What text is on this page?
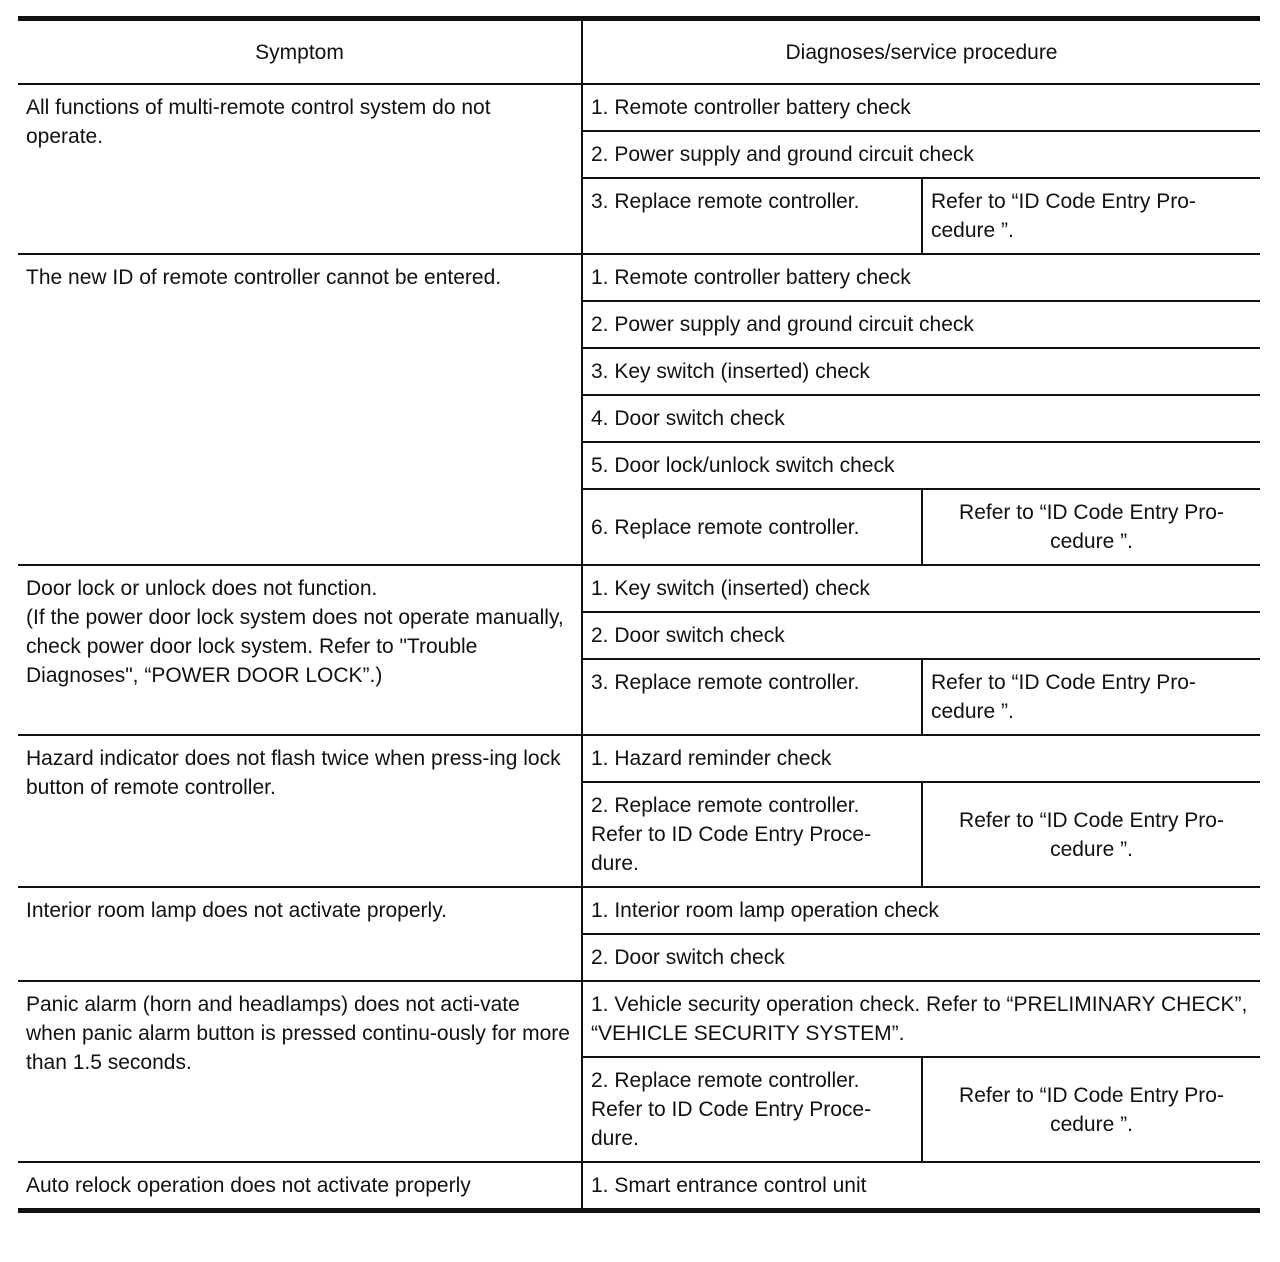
Symptom	Diagnoses/service procedure	
All functions of multi-remote control system do not operate.	1. Remote controller battery check	
	2. Power supply and ground circuit check	
	3. Replace remote controller.	Refer to “ID Code Entry Pro-cedure ”.
The new ID of remote controller cannot be entered.	1. Remote controller battery check	
	2. Power supply and ground circuit check	
	3. Key switch (inserted) check	
	4. Door switch check	
	5. Door lock/unlock switch check	
	6. Replace remote controller.	Refer to “ID Code Entry Pro-cedure ”.

Door lock or unlock does not function.
(If the power door lock system does not operate manually, check power door lock system. Refer to "Trouble Diagnoses", “POWER DOOR LOCK”.)	1. Key switch (inserted) check	
	2. Door switch check	
	3. Replace remote controller.	Refer to “ID Code Entry Pro-cedure ”.
Hazard indicator does not flash twice when press-ing lock button of remote controller.	1. Hazard reminder check	
	2. Replace remote controller. Refer to ID Code Entry Proce-dure.	Refer to “ID Code Entry Pro-cedure ”.
Interior room lamp does not activate properly.	1. Interior room lamp operation check	
	2. Door switch check	
Panic alarm (horn and headlamps) does not acti-vate when panic alarm button is pressed continu-ously for more than 1.5 seconds.	1. Vehicle security operation check. Refer to “PRELIMINARY CHECK”, “VEHICLE SECURITY SYSTEM”.	
	2. Replace remote controller. Refer to ID Code Entry Proce-dure.	Refer to “ID Code Entry Pro-cedure ”.
Auto relock operation does not activate properly	1. Smart entrance control unit	
